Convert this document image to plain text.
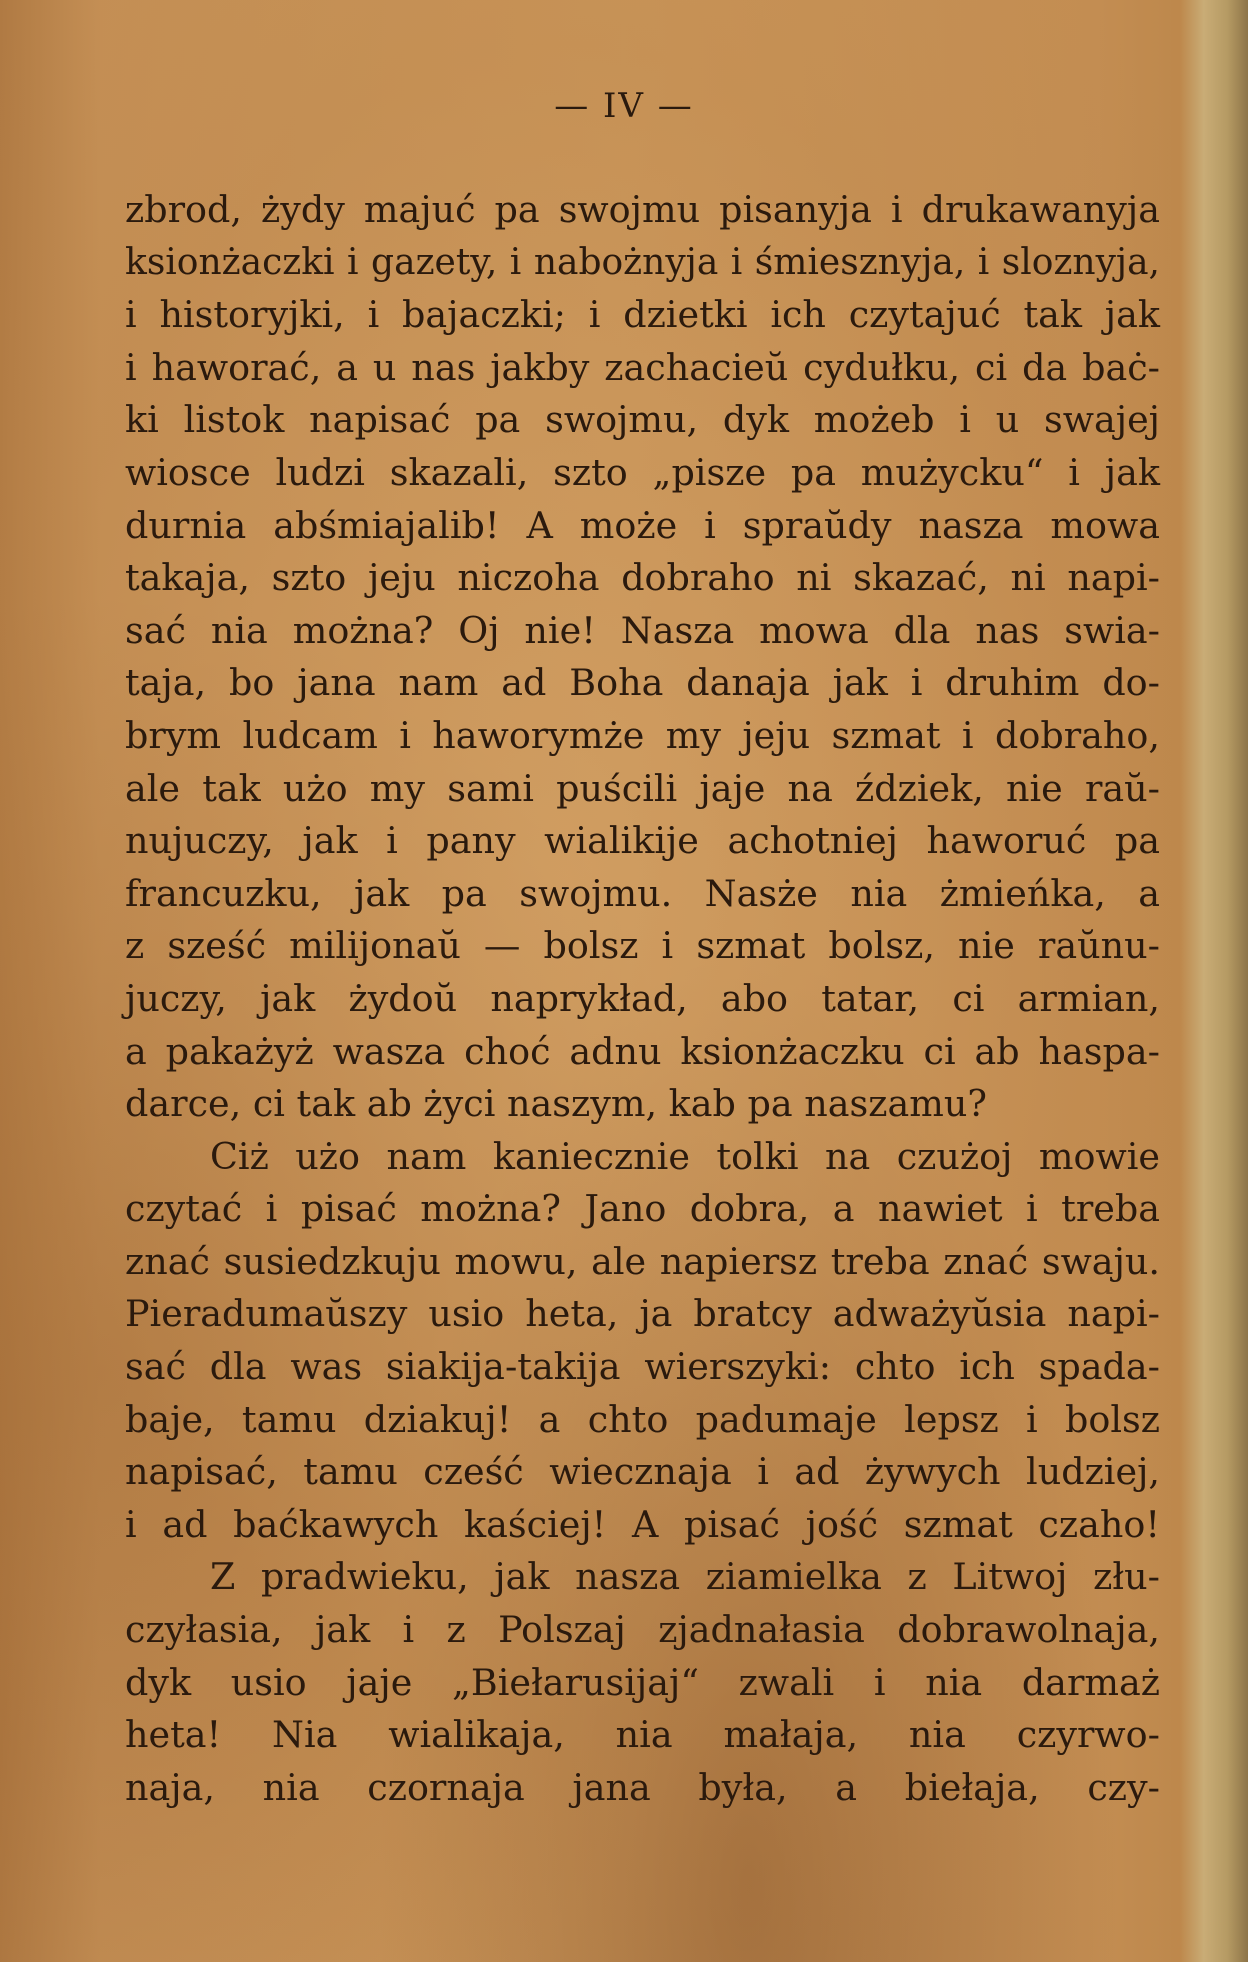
— IV —
zbrod, żydy majuć pa swojmu pisanyja i drukawanyja
ksionżaczki i gazety, i nabożnyja i śmiesznyja, i sloznyja,
i historyjki, i bajaczki; i dzietki ich czytajuć tak jak
i haworać, a u nas jakby zachacieŭ cydułku, ci da baċ-
ki listok napisać pa swojmu, dyk możeb i u swajej
wiosce ludzi skazali, szto „pisze pa mużycku“ i jak
durnia abśmiajalib! A może i spraŭdy nasza mowa
takaja, szto jeju niczoha dobraho ni skazać, ni napi-
sać nia można? Oj nie! Nasza mowa dla nas swia-
taja, bo jana nam ad Boha danaja jak i druhim do-
brym ludcam i haworymże my jeju szmat i dobraho,
ale tak użo my sami puścili jaje na ździek, nie raŭ-
nujuczy, jak i pany wialikije achotniej haworuć pa
francuzku, jak pa swojmu. Nasże nia żmieńka, a
z sześć milijonaŭ — bolsz i szmat bolsz, nie raŭnu-
juczy, jak żydoŭ naprykład, abo tatar, ci armian,
a pakażyż wasza choć adnu ksionżaczku ci ab haspa-
darce, ci tak ab życi naszym, kab pa naszamu?
Ciż użo nam kaniecznie tolki na czużoj mowie
czytać i pisać można? Jano dobra, a nawiet i treba
znać susiedzkuju mowu, ale napiersz treba znać swaju.
Pieradumaŭszy usio heta, ja bratcy adważyŭsia napi-
sać dla was siakija-takija wierszyki: chto ich spada-
baje, tamu dziakuj! a chto padumaje lepsz i bolsz
napisać, tamu cześć wiecznaja i ad żywych ludziej,
i ad baćkawych kaściej! A pisać jość szmat czaho!
Z pradwieku, jak nasza ziamielka z Litwoj złu-
czyłasia, jak i z Polszaj zjadnałasia dobrawolnaja,
dyk usio jaje „Biełarusijaj“ zwali i nia darmaż
heta! Nia wialikaja, nia małaja, nia czyrwo-
naja, nia czornaja jana była, a biełaja, czy-
